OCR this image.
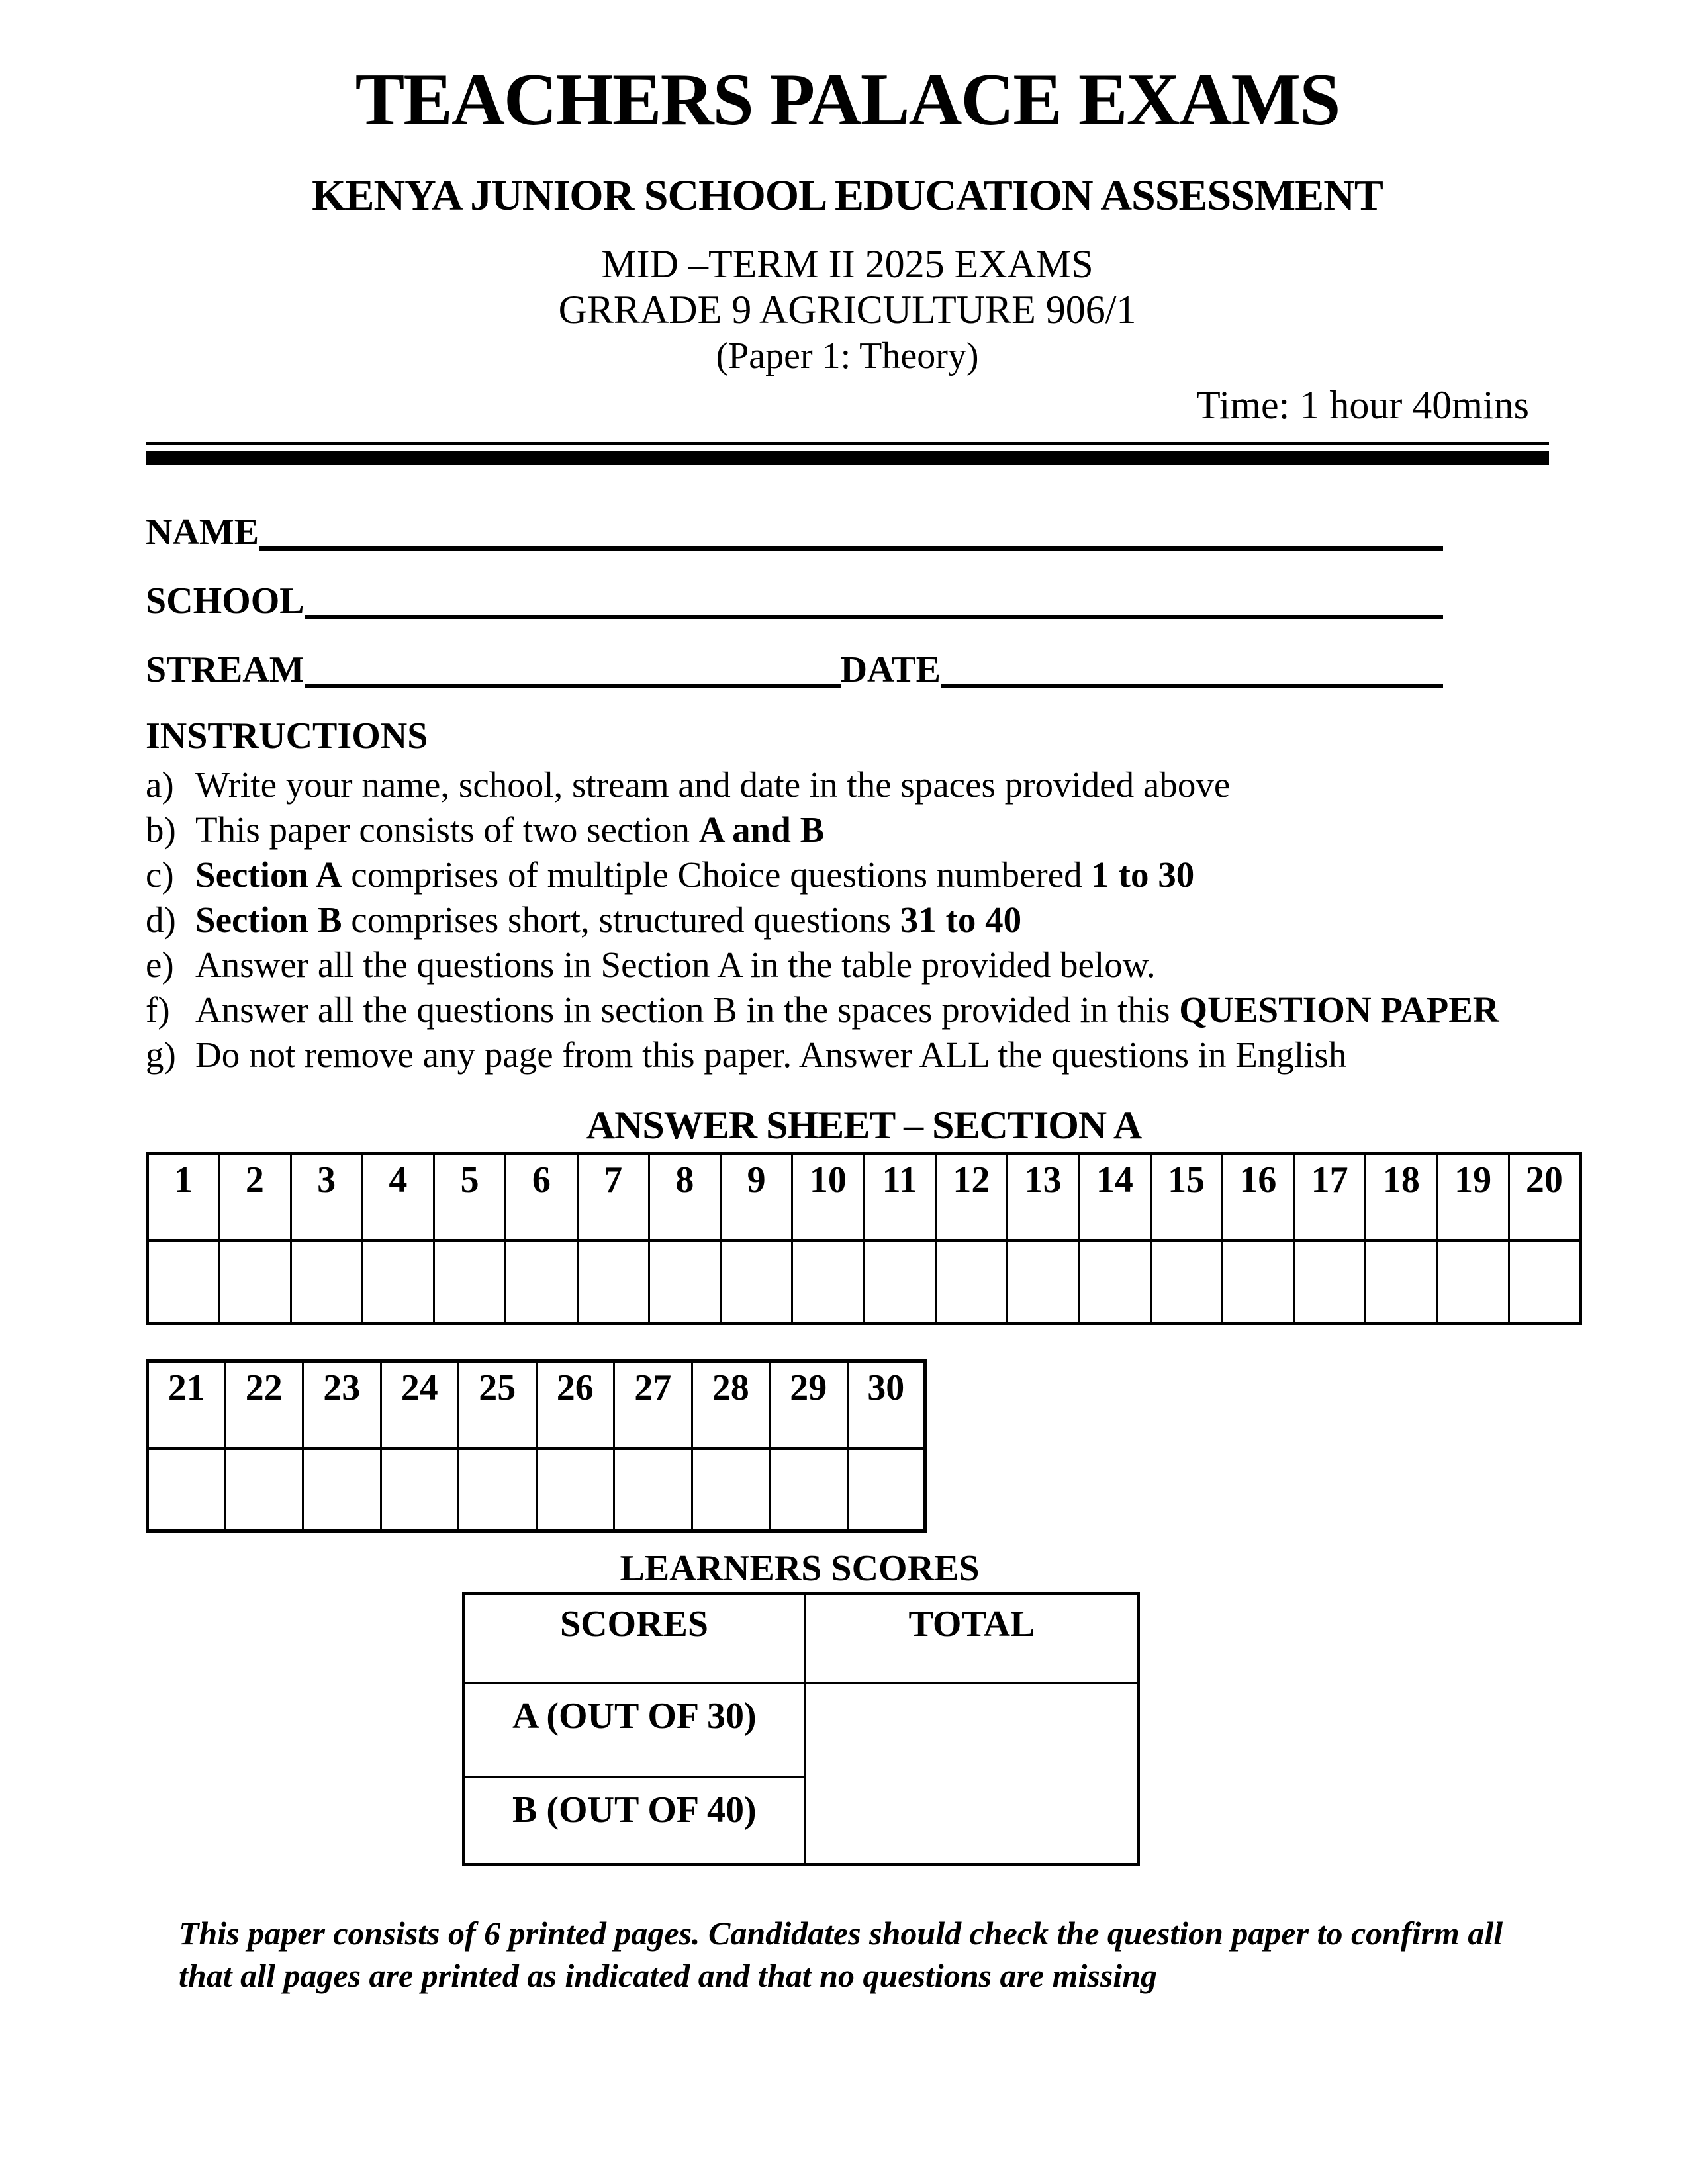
TEACHERS PALACE EXAMS
KENYA JUNIOR SCHOOL EDUCATION ASSESSMENT
MID –TERM II 2025 EXAMS
GRRADE 9 AGRICULTURE 906/1
(Paper 1: Theory)
Time: 1 hour 40mins
NAME
SCHOOL
STREAM	DATE
INSTRUCTIONS
a) Write your name, school, stream and date in the spaces provided above
b) This paper consists of two section A and B
c) Section A comprises of multiple Choice questions numbered 1 to 30
d) Section B comprises short, structured questions 31 to 40
e) Answer all the questions in Section A in the table provided below.
f) Answer all the questions in section B in the spaces provided in this QUESTION PAPER
g) Do not remove any page from this paper. Answer ALL the questions in English
ANSWER SHEET – SECTION A
1	2	3	4	5	6	7	8	9	10	11	12	13	14	15	16	17	18	19	20

21	22	23	24	25	26	27	28	29	30

LEARNERS SCORES
SCORES	TOTAL
A (OUT OF 30)	
B (OUT OF 40)	
This paper consists of 6 printed pages. Candidates should check the question paper to confirm all
that all pages are printed as indicated and that no questions are missing
